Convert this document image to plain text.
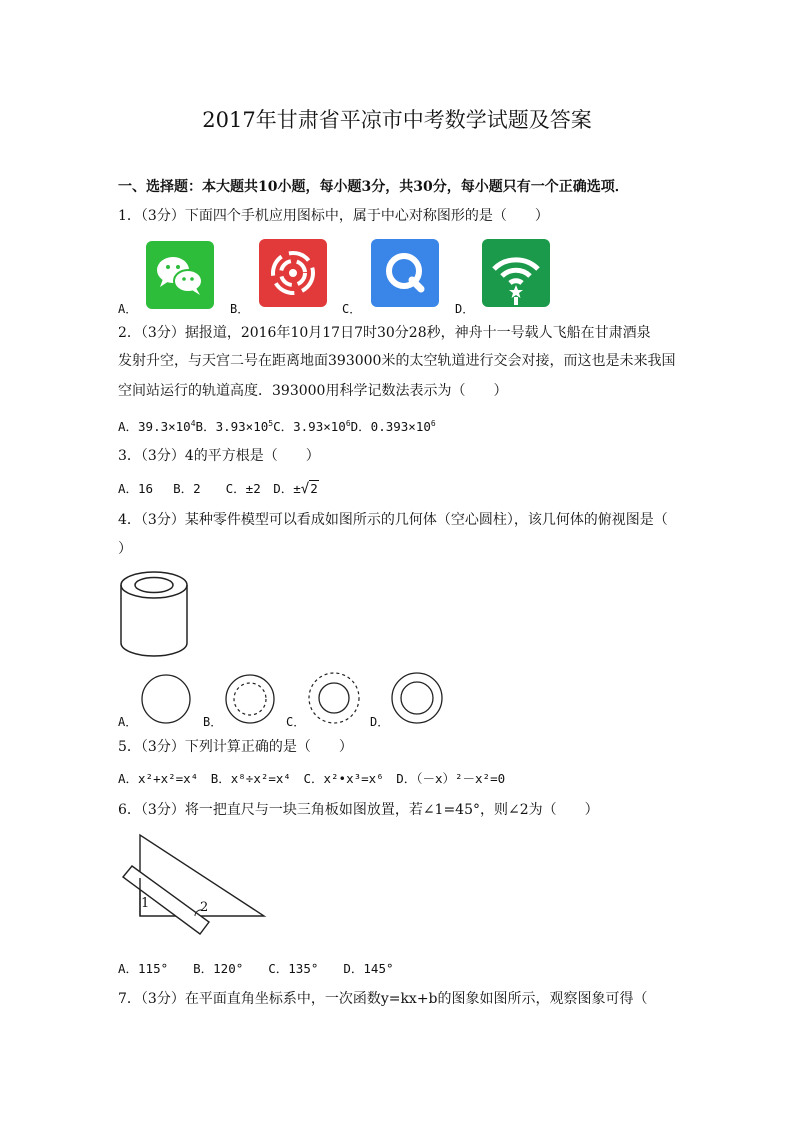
2017年甘肃省平凉市中考数学试题及答案
一、选择题：本大题共10小题，每小题3分，共30分，每小题只有一个正确选项．
1．（3分）下面四个手机应用图标中，属于中心对称图形的是（　　）
A．	B．	C．	D．
2．（3分）据报道，2016年10月17日7时30分28秒，神舟十一号载人飞船在甘肃酒泉
发射升空，与天宫二号在距离地面393000米的太空轨道进行交会对接，而这也是未来我国
空间站运行的轨道高度．393000用科学记数法表示为（　　）
A．$39.3\times 10^4B$．$3.93\times 10^5C$．$3.93\times 10^6D$．$0.393\times 10^6$
3．（3分）4的平方根是（　　）
A．16　 B．2　　C．±2　D．±√2
4．（3分）某种零件模型可以看成如图所示的几何体（空心圆柱），该几何体的俯视图是（
）
A．	B．	C．	D．
5．（3分）下列计算正确的是（　　）
A．x²+x²=x⁴　B．x⁸÷x²=x⁴　C．x²•x³=x⁶　D．（－x）²－x²=0
6．（3分）将一把直尺与一块三角板如图放置，若∠1=45°，则∠2为（　　）
1	2
A．115°　　B．120°　　C．135°　　D．145°
7．（3分）在平面直角坐标系中，一次函数y=kx+b的图象如图所示，观察图象可得（
